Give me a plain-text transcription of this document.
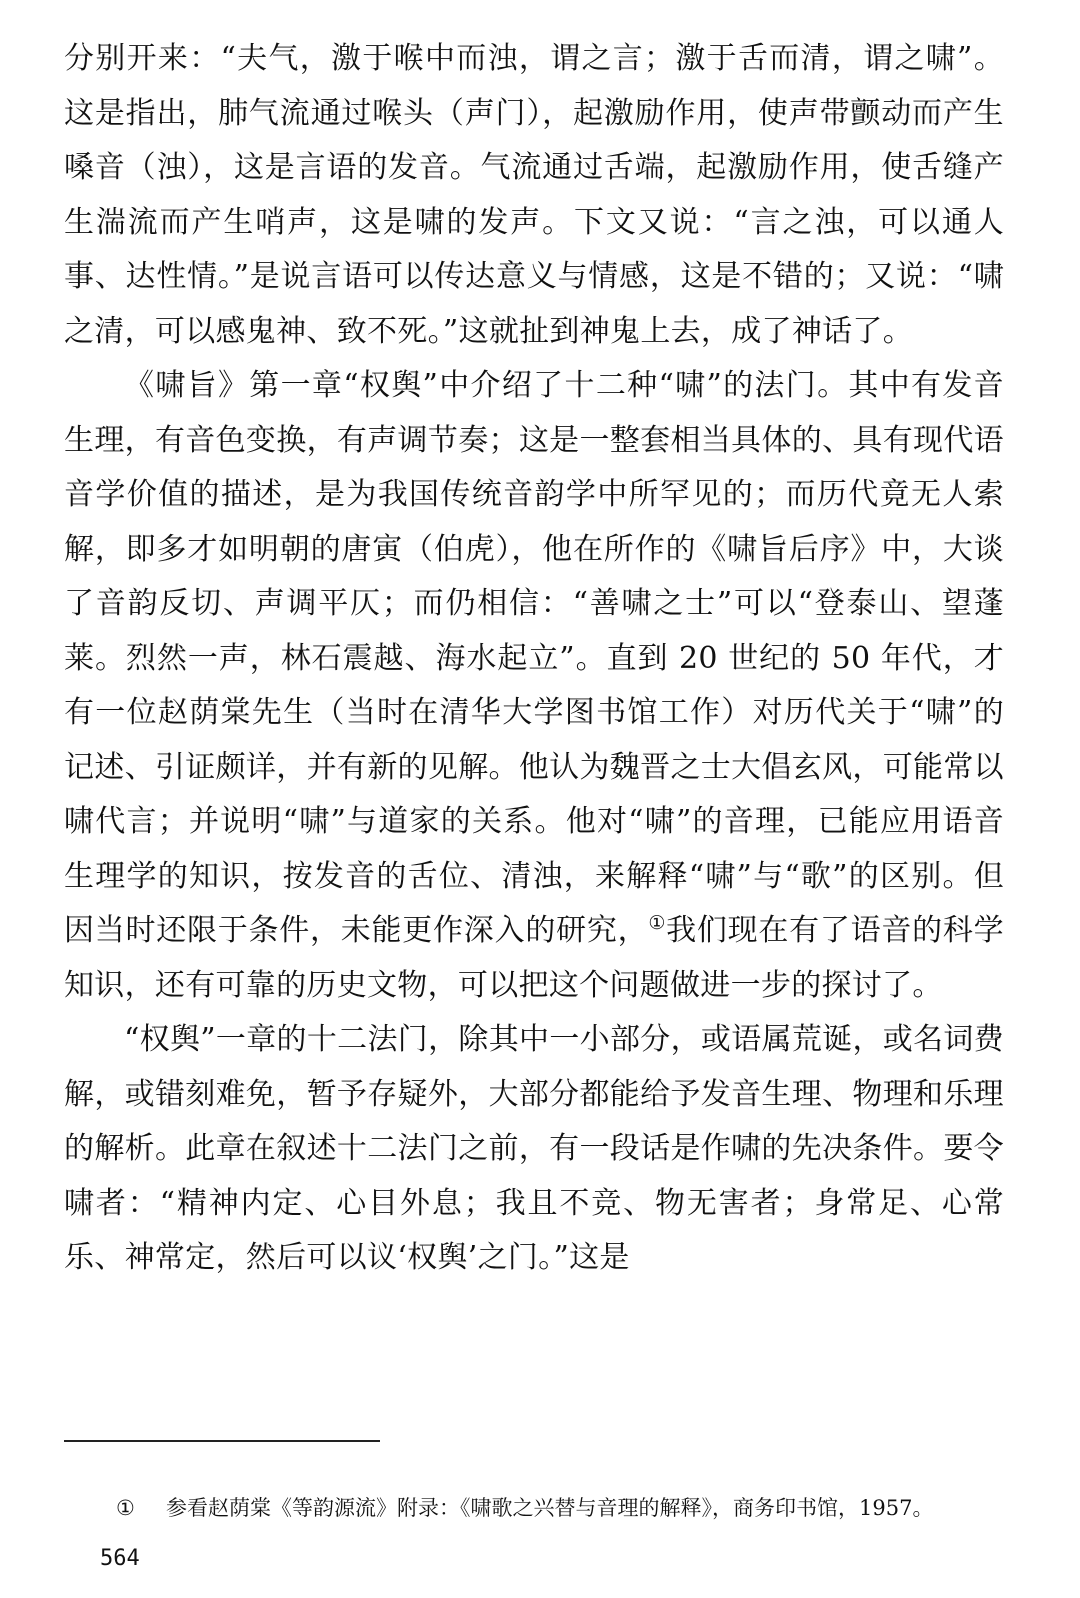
分别开来：“夫气，激于喉中而浊，谓之言；激于舌而清，谓之啸”。这是指出，肺气流通过喉头（声门），起激励作用，使声带颤动而产生嗓音（浊），这是言语的发音。气流通过舌端，起激励作用，使舌缝产生湍流而产生哨声，这是啸的发声。下文又说：“言之浊，可以通人事、达性情。”是说言语可以传达意义与情感，这是不错的；又说：“啸之清，可以感鬼神、致不死。”这就扯到神鬼上去，成了神话了。

《啸旨》第一章“权舆”中介绍了十二种“啸”的法门。其中有发音生理，有音色变换，有声调节奏；这是一整套相当具体的、具有现代语音学价值的描述，是为我国传统音韵学中所罕见的；而历代竟无人索解，即多才如明朝的唐寅（伯虎），他在所作的《啸旨后序》中，大谈了音韵反切、声调平仄；而仍相信：“善啸之士”可以“登泰山、望蓬莱。烈然一声，林石震越、海水起立”。直到 20 世纪的 50 年代，才有一位赵荫棠先生（当时在清华大学图书馆工作）对历代关于“啸”的记述、引证颇详，并有新的见解。他认为魏晋之士大倡玄风，可能常以啸代言；并说明“啸”与道家的关系。他对“啸”的音理，已能应用语音生理学的知识，按发音的舌位、清浊，来解释“啸”与“歌”的区别。但因当时还限于条件，未能更作深入的研究，①我们现在有了语音的科学知识，还有可靠的历史文物，可以把这个问题做进一步的探讨了。

“权舆”一章的十二法门，除其中一小部分，或语属荒诞，或名词费解，或错刻难免，暂予存疑外，大部分都能给予发音生理、物理和乐理的解析。此章在叙述十二法门之前，有一段话是作啸的先决条件。要令啸者：“精神内定、心目外息；我且不竞、物无害者；身常足、心常乐、神常定，然后可以议‘权舆’之门。”这是

① 参看赵荫棠《等韵源流》附录：《啸歌之兴替与音理的解释》，商务印书馆，1957。
564
